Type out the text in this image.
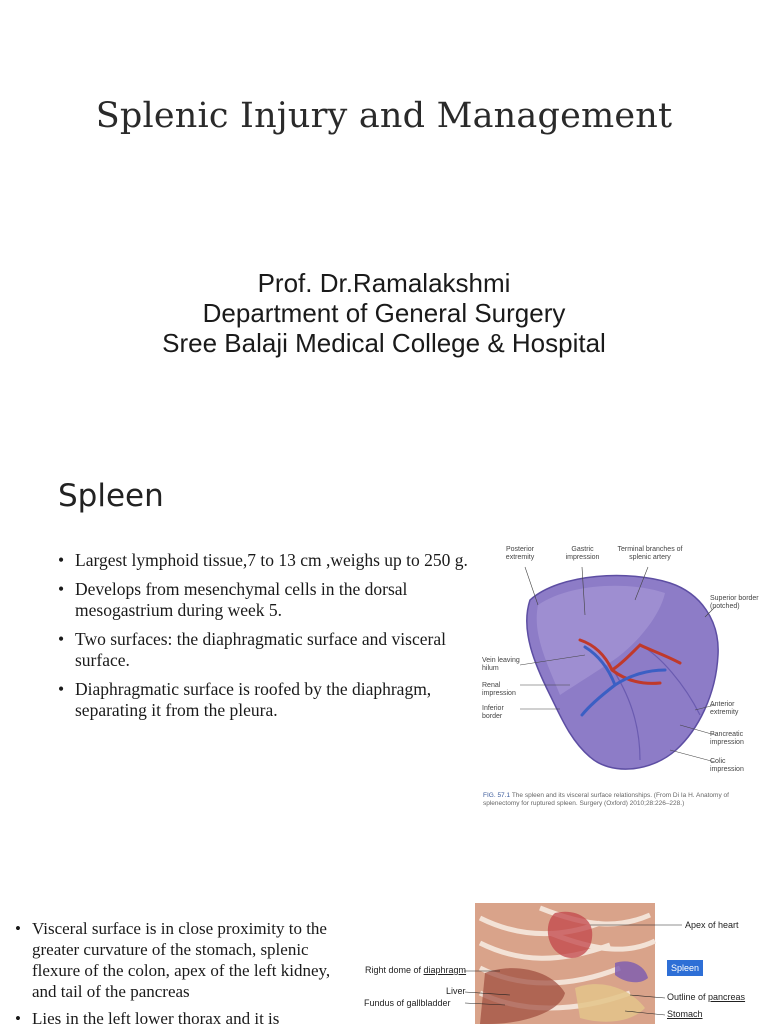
Splenic Injury and Management
Prof. Dr.Ramalakshmi
Department of General Surgery
Sree Balaji Medical College & Hospital
Spleen
• Largest lymphoid tissue,7 to 13 cm ,weighs up to 250 g.
• Develops from mesenchymal cells in the dorsal mesogastrium during week 5.
• Two surfaces: the diaphragmatic surface and visceral surface.
• Diaphragmatic surface is roofed by the diaphragm, separating it from the pleura.
Posterior extremity
Gastric impression
Terminal branches of splenic artery
Superior border (notched)
Vein leaving hilum
Renal impression
Inferior border
Anterior extremity
Pancreatic impression
Colic impression
FIG. 57.1 The spleen and its visceral surface relationships. (From Di Ia H. Anatomy of splenectomy for ruptured spleen. Surgery (Oxford) 2010;28:226–228.)
• Visceral surface is in close proximity to the greater curvature of the stomach, splenic flexure of the colon, apex of the left kidney, and tail of the pancreas
• Lies in the left lower thorax and it is
Apex of heart
Right dome of diaphragm	Spleen
Liver
Fundus of gallbladder
Outline of pancreas
Stomach
